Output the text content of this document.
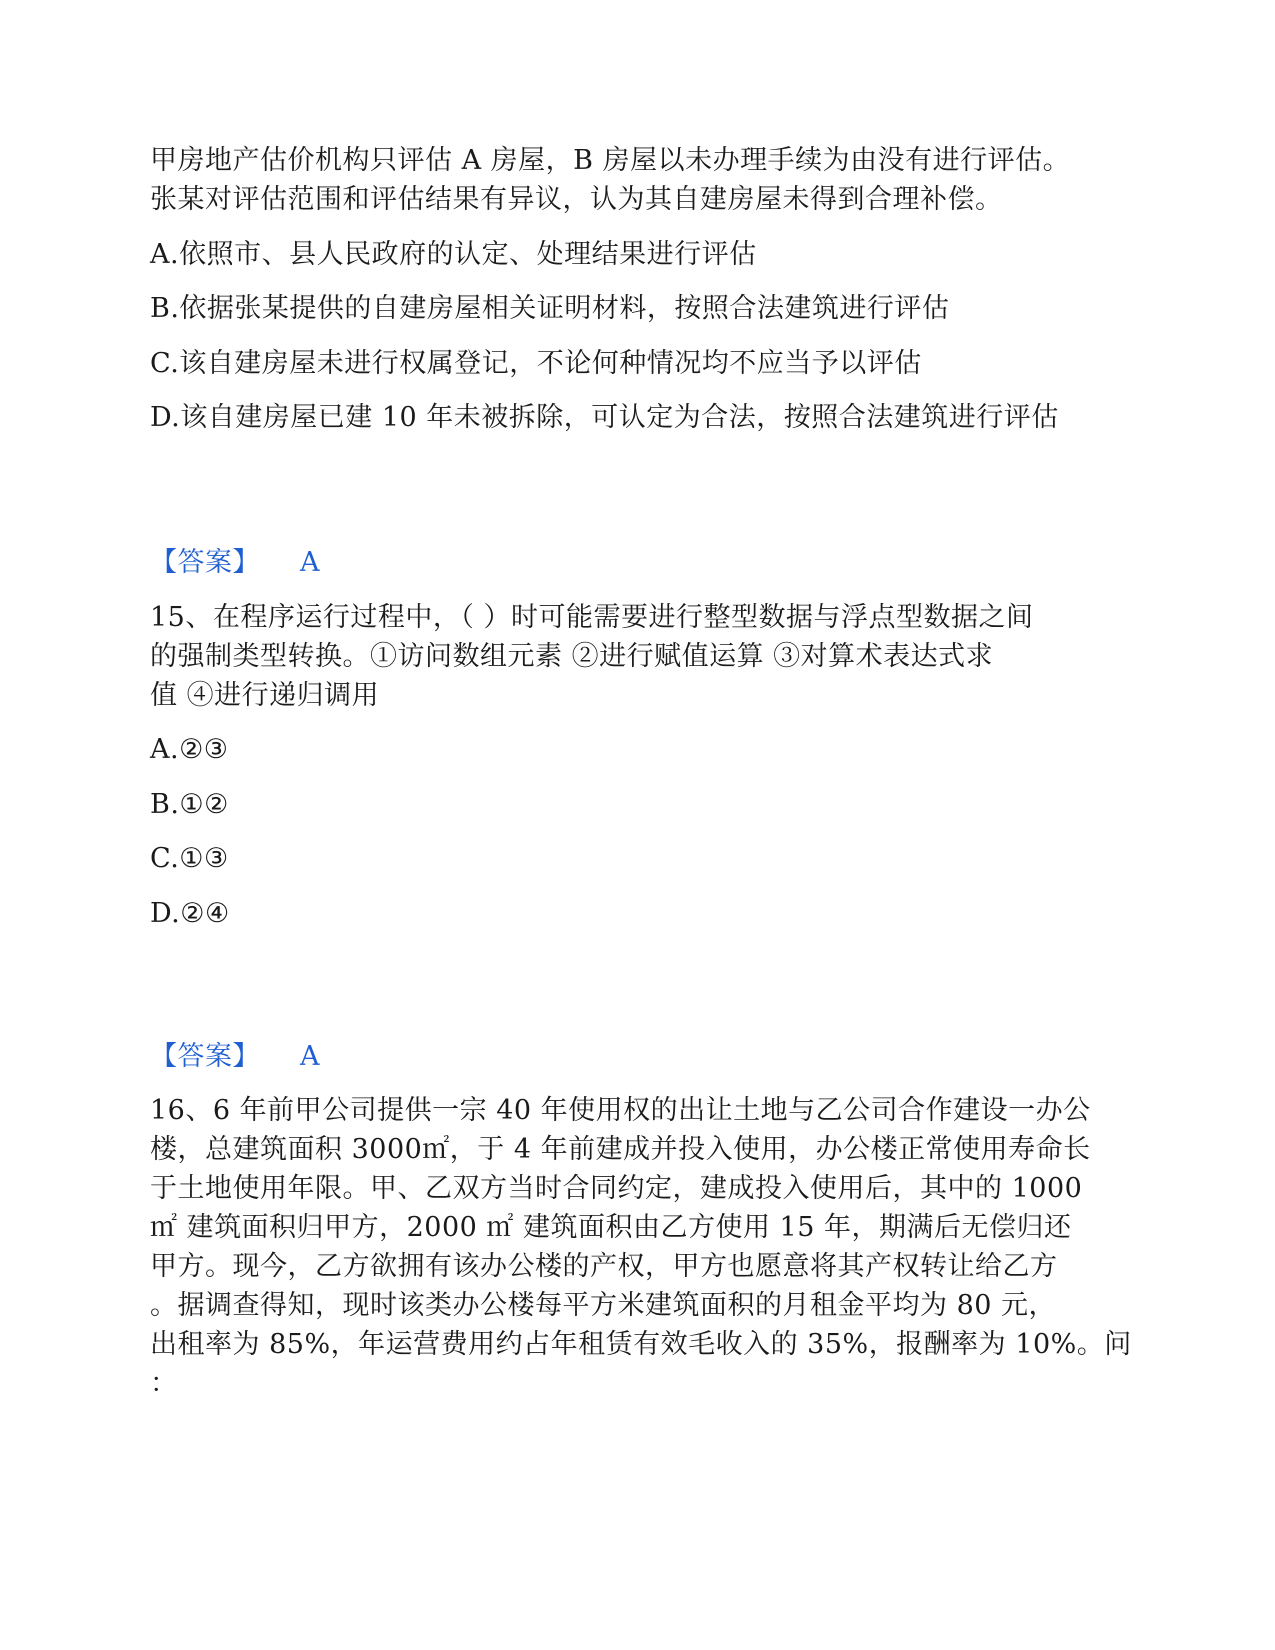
甲房地产估价机构只评估 A 房屋，B 房屋以未办理手续为由没有进行评估。
张某对评估范围和评估结果有异议，认为其自建房屋未得到合理补偿。
A.依照市、县人民政府的认定、处理结果进行评估
B.依据张某提供的自建房屋相关证明材料，按照合法建筑进行评估
C.该自建房屋未进行权属登记，不论何种情况均不应当予以评估
D.该自建房屋已建 10 年未被拆除，可认定为合法，按照合法建筑进行评估
【答案】 A
15、在程序运行过程中，（ ）时可能需要进行整型数据与浮点型数据之间
的强制类型转换。①访问数组元素 ②进行赋值运算 ③对算术表达式求
值 ④进行递归调用
A.②③
B.①②
C.①③
D.②④
【答案】 A
16、6 年前甲公司提供一宗 40 年使用权的出让土地与乙公司合作建设一办公
楼，总建筑面积 3000㎡，于 4 年前建成并投入使用，办公楼正常使用寿命长
于土地使用年限。甲、乙双方当时合同约定，建成投入使用后，其中的 1000
㎡ 建筑面积归甲方，2000 ㎡ 建筑面积由乙方使用 15 年，期满后无偿归还
甲方。现今，乙方欲拥有该办公楼的产权，甲方也愿意将其产权转让给乙方
。据调查得知，现时该类办公楼每平方米建筑面积的月租金平均为 80 元，
出租率为 85%，年运营费用约占年租赁有效毛收入的 35%，报酬率为 10%。问
：
